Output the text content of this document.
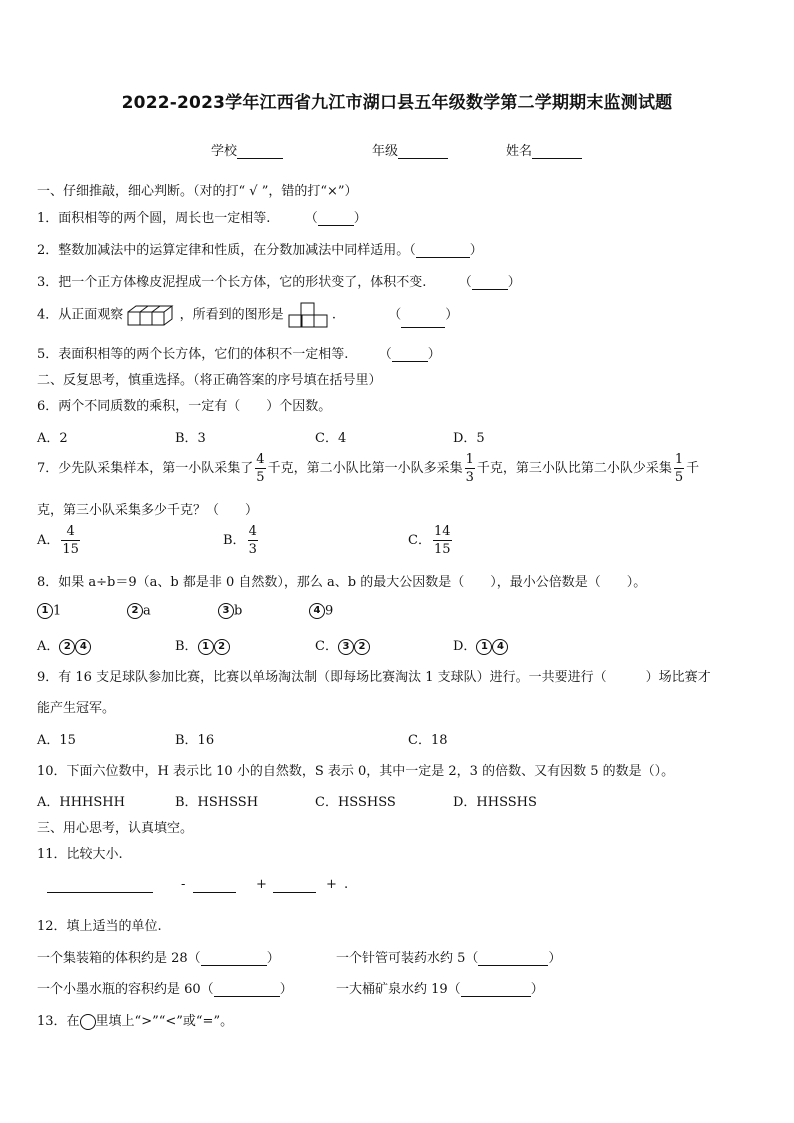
2022-2023学年江西省九江市湖口县五年级数学第二学期期末监测试题
学校	年级	姓名
一、仔细推敲，细心判断。（对的打“ √ ”，错的打“×”）
1．面积相等的两个圆，周长也一定相等.	（	）
2．整数加减法中的运算定律和性质，在分数加减法中同样适用。（	）
3．把一个正方体橡皮泥捏成一个长方体，它的形状变了，体积不变. （	）
4．从正面观察	，所看到的图形是	.	（	）
5．表面积相等的两个长方体，它们的体积不一定相等. （	）
二、反复思考，慎重选择。（将正确答案的序号填在括号里）
6．两个不同质数的乘积，一定有（　　）个因数。
A．2	B．3	C．4	D．5
7．少先队采集样本，第一小队采集了 $\frac{4}{5}$ 千克，第二小队比第一小队多采集 $\frac{1}{3}$ 千克，第三小队比第二小队少采集 $\frac{1}{5}$ 千
克，第三小队采集多少千克？（　　）
A． $\frac{4}{15}$	B． $\frac{4}{3}$	C． $\frac{14}{15}$
8．如果 a÷b＝9（a、b 都是非 0 自然数），那么 a、b 的最大公因数是（　　），最小公倍数是（　　）。
1 1	2 a	3 b	4 9
A． 2 4	B． 1 2	C． 3 2	D． 1 4
9．有 16 支足球队参加比赛，比赛以单场淘汰制（即每场比赛淘汰 1 支球队）进行。一共要进行（　　　）场比赛才
能产生冠军。
A．15	B．16	C．18
10．下面六位数中，H 表示比 10 小的自然数，S 表示 0，其中一定是 2，3 的倍数、又有因数 5 的数是（）。
A．HHHSHH	B．HSHSSH	C．HSSHSS	D．HHSSHS
三、用心思考，认真填空。
11．比较大小.
-	+	+ .
12．填上适当的单位.
一个集装箱的体积约是 28（	）	一个针管可装药水约 5（	）
一个小墨水瓶的容积约是 60（	）	一大桶矿泉水约 19（	）
13．在 里填上“>”“<”或“=”。
